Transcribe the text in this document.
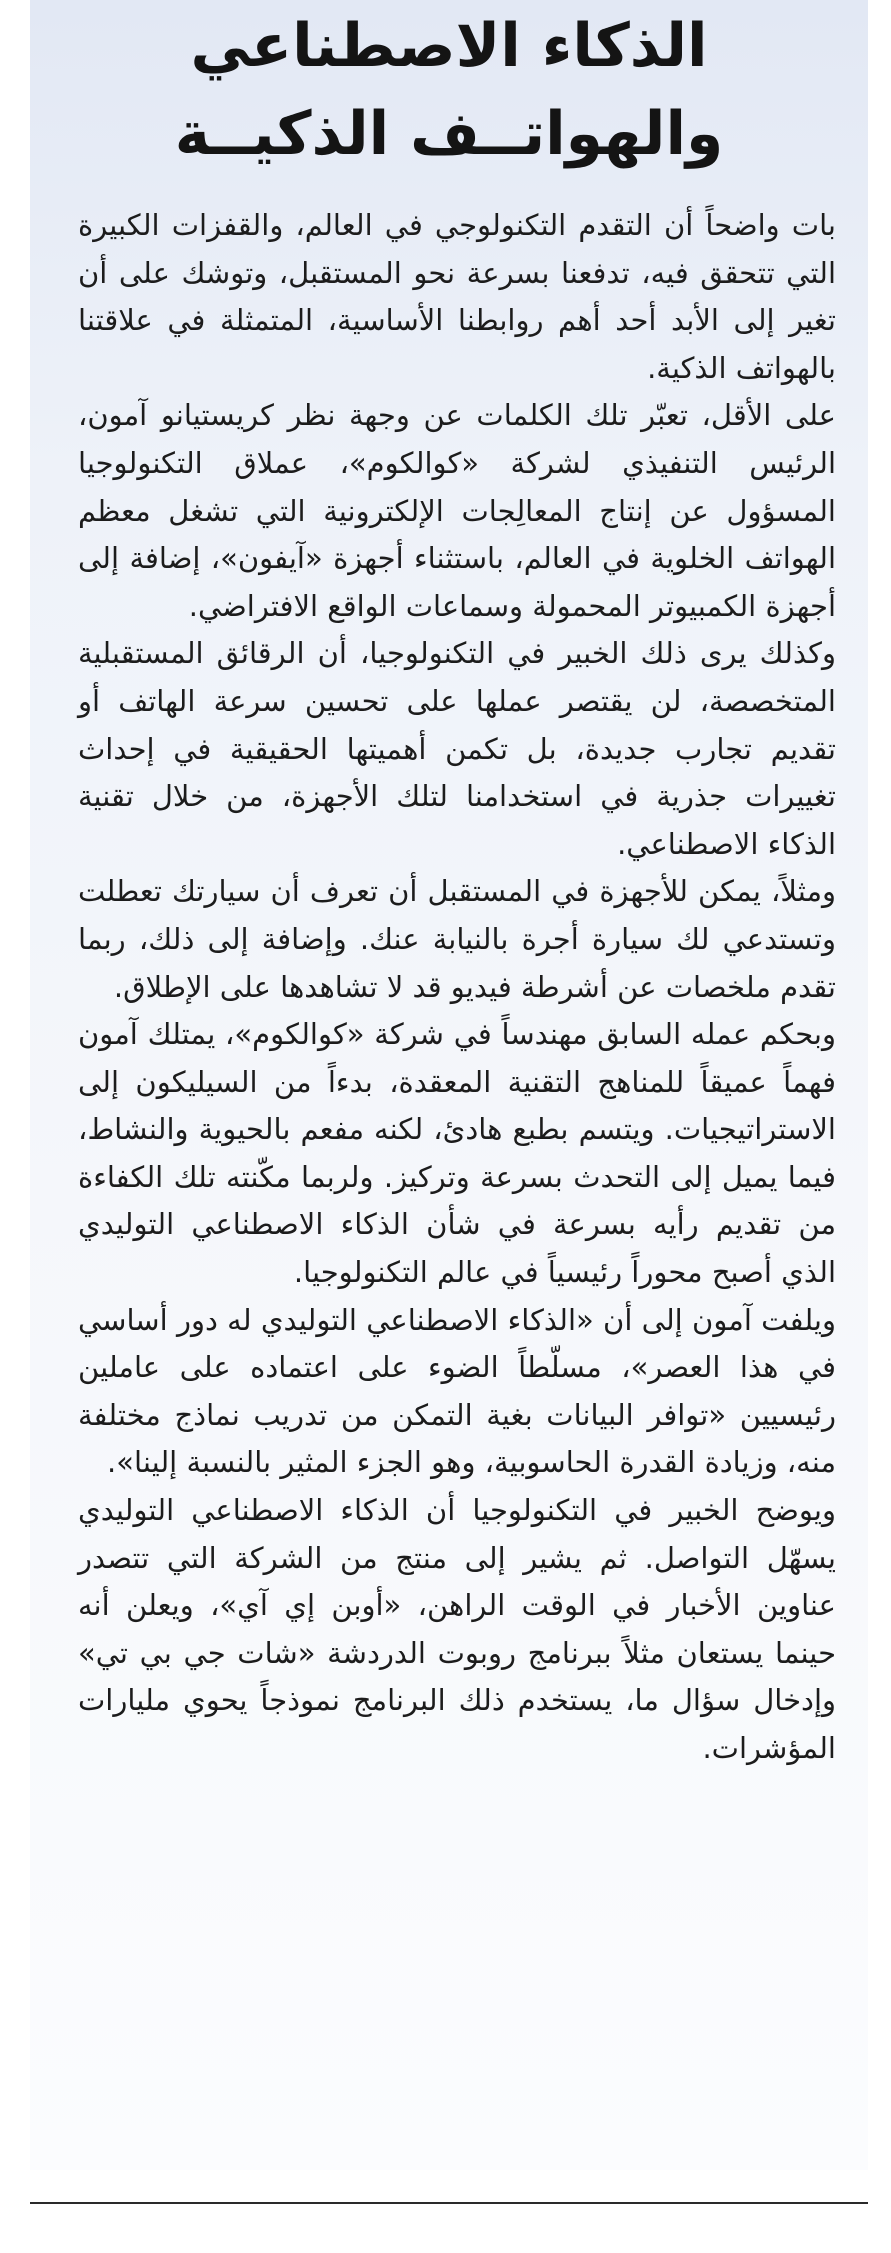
الذكاء الاصطناعي
والهواتــف الذكيــة

بات واضحاً أن التقدم التكنولوجي في العالم، والقفزات الكبيرة التي تتحقق فيه، تدفعنا بسرعة نحو المستقبل، وتوشك على أن تغير إلى الأبد أحد أهم روابطنا الأساسية، المتمثلة في علاقتنا بالهواتف الذكية.

على الأقل، تعبّر تلك الكلمات عن وجهة نظر كريستيانو آمون، الرئيس التنفيذي لشركة «كوالكوم»، عملاق التكنولوجيا المسؤول عن إنتاج المعالِجات الإلكترونية التي تشغل معظم الهواتف الخلوية في العالم، باستثناء أجهزة «آيفون»، إضافة إلى أجهزة الكمبيوتر المحمولة وسماعات الواقع الافتراضي.

وكذلك يرى ذلك الخبير في التكنولوجيا، أن الرقائق المستقبلية المتخصصة، لن يقتصر عملها على تحسين سرعة الهاتف أو تقديم تجارب جديدة، بل تكمن أهميتها الحقيقية في إحداث تغييرات جذرية في استخدامنا لتلك الأجهزة، من خلال تقنية الذكاء الاصطناعي.

ومثلاً، يمكن للأجهزة في المستقبل أن تعرف أن سيارتك تعطلت وتستدعي لك سيارة أجرة بالنيابة عنك. وإضافة إلى ذلك، ربما تقدم ملخصات عن أشرطة فيديو قد لا تشاهدها على الإطلاق.

وبحكم عمله السابق مهندساً في شركة «كوالكوم»، يمتلك آمون فهماً عميقاً للمناهج التقنية المعقدة، بدءاً من السيليكون إلى الاستراتيجيات. ويتسم بطبع هادئ، لكنه مفعم بالحيوية والنشاط، فيما يميل إلى التحدث بسرعة وتركيز. ولربما مكّنته تلك الكفاءة من تقديم رأيه بسرعة في شأن الذكاء الاصطناعي التوليدي الذي أصبح محوراً رئيسياً في عالم التكنولوجيا.

ويلفت آمون إلى أن «الذكاء الاصطناعي التوليدي له دور أساسي في هذا العصر»، مسلّطاً الضوء على اعتماده على عاملين رئيسيين «توافر البيانات بغية التمكن من تدريب نماذج مختلفة منه، وزيادة القدرة الحاسوبية، وهو الجزء المثير بالنسبة إلينا».

ويوضح الخبير في التكنولوجيا أن الذكاء الاصطناعي التوليدي يسهّل التواصل. ثم يشير إلى منتج من الشركة التي تتصدر عناوين الأخبار في الوقت الراهن، «أوبن إي آي»، ويعلن أنه حينما يستعان مثلاً ببرنامج روبوت الدردشة «شات جي بي تي» وإدخال سؤال ما، يستخدم ذلك البرنامج نموذجاً يحوي مليارات المؤشرات.
